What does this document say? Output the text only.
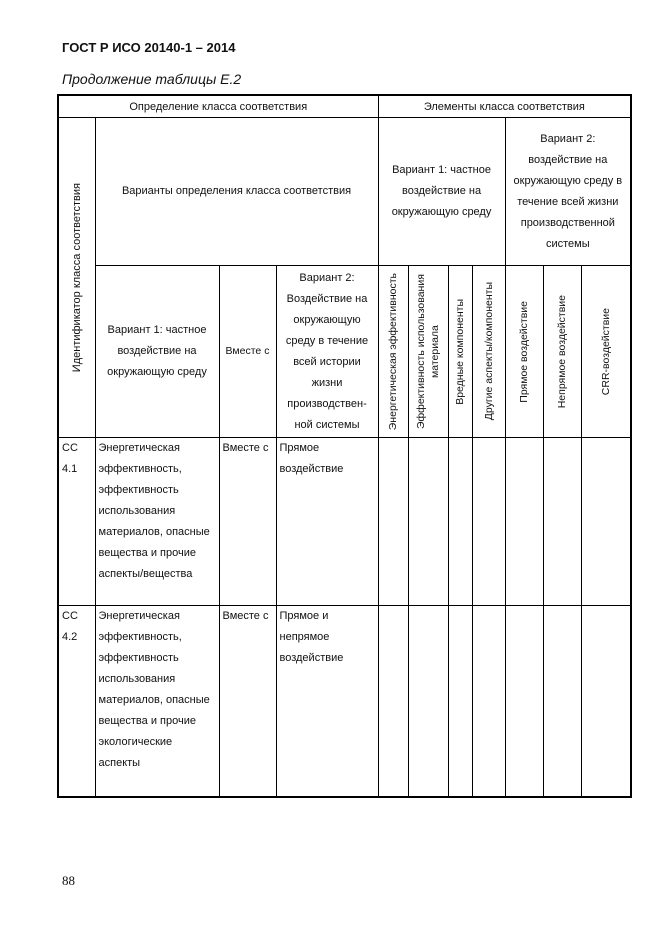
ГОСТ Р ИСО 20140-1 – 2014
Продолжение таблицы E.2
Определение класса соответствия				Элементы класса соответствия						

Идентификатор класса соответствия	Варианты определения класса соответствия			Вариант 1: частное воздействие на окружающую среду				Вариант 2: воздействие на окружающую среду в течение всей жизни производственной системы		
	Вариант 1: частное воздействие на окружающую среду	Вместе с	Вариант 2: Воздействие на окружающую среду в течение всей истории жизни производствен-ной системы	Энергетическая эффективность	Эффективность использования материала	Вредные компоненты	Другие аспекты/компоненты	Прямое воздействие	Непрямое воздействие	CRR-воздействие

CC 4.1	Энергетическая эффективность, эффективность использования материалов, опасные вещества и прочие аспекты/вещества	Вместе с	Прямое воздействие							
CC 4.2	Энергетическая эффективность, эффективность использования материалов, опасные вещества и прочие экологические аспекты	Вместе с	Прямое и непрямое воздействие							
88
